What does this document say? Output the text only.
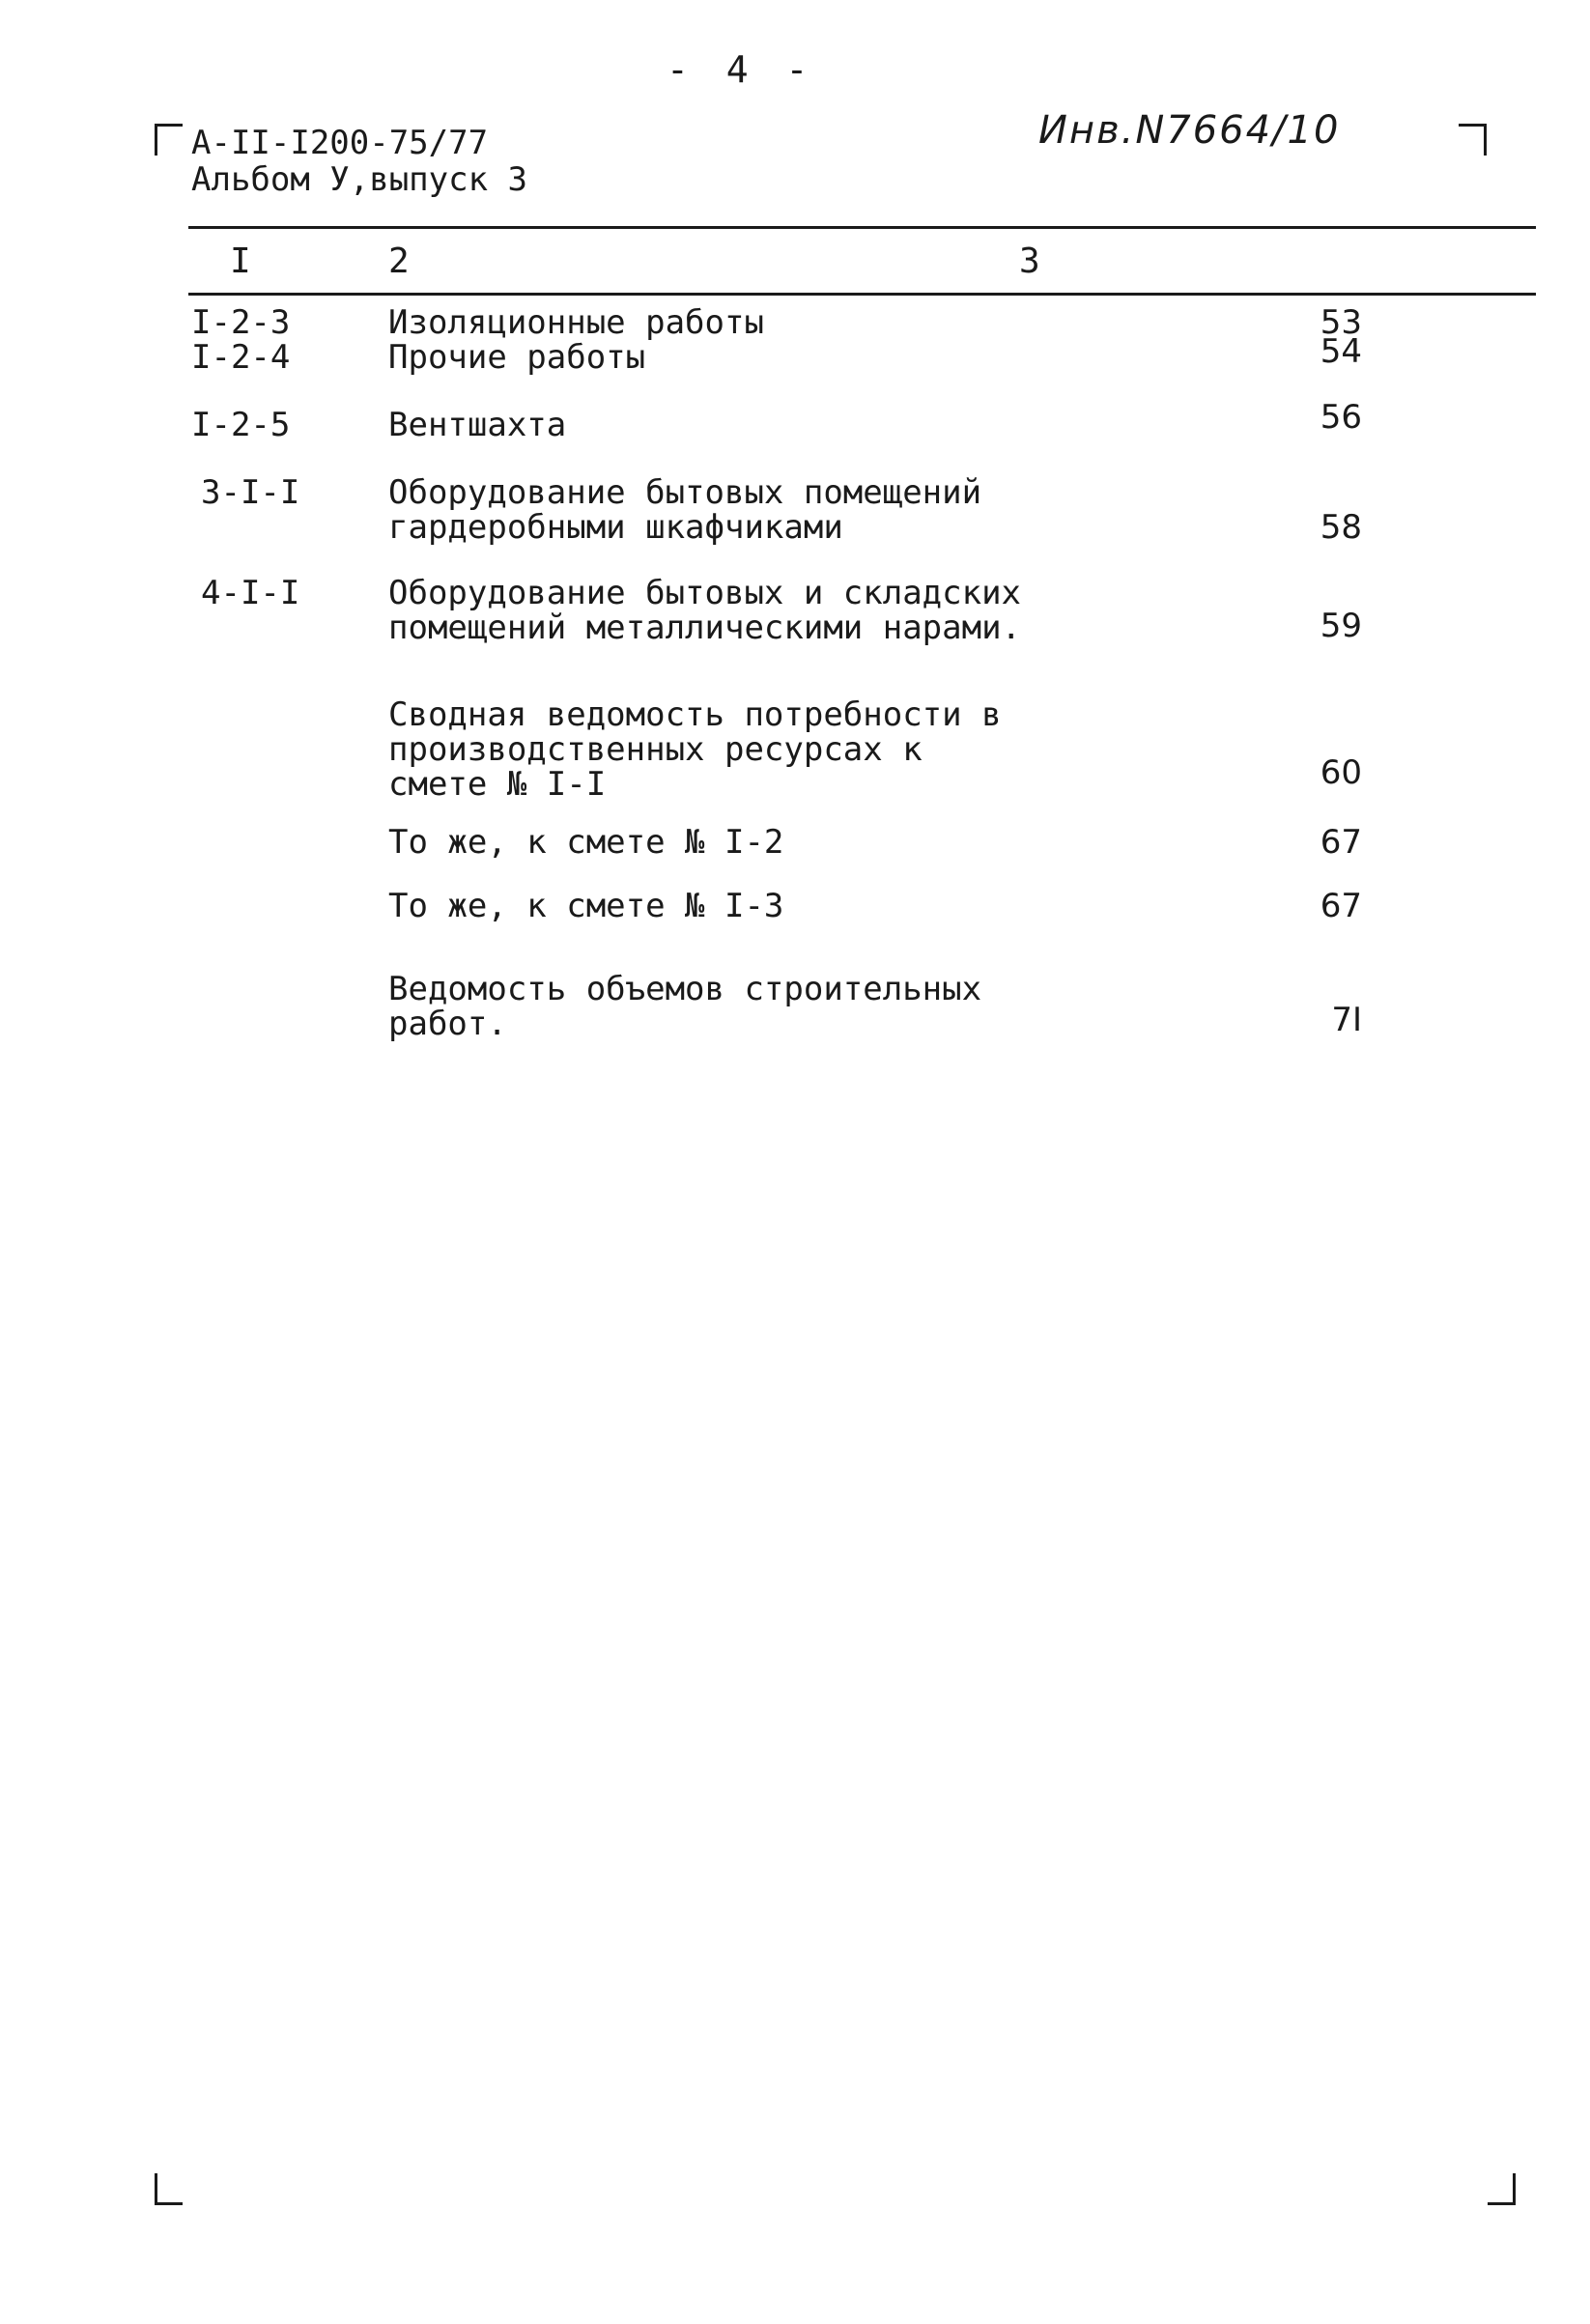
- 4 -
А-II-I200-75/77
Альбом У,выпуск 3
Инв.N7664/10
I	2	3
I-2-3	Изоляционные работы	53
I-2-4	Прочие работы	54
I-2-5	Вентшахта	56
3-I-I	Оборудование бытовых помещений
гардеробными шкафчиками	58
4-I-I	Оборудование бытовых и складских
помещений металлическими нарами.	59
Сводная ведомость потребности в
производственных ресурсах к
смете № I-I	60
То же, к смете № I-2	67
То же, к смете № I-3	67
Ведомость объемов строительных
работ.	7I
